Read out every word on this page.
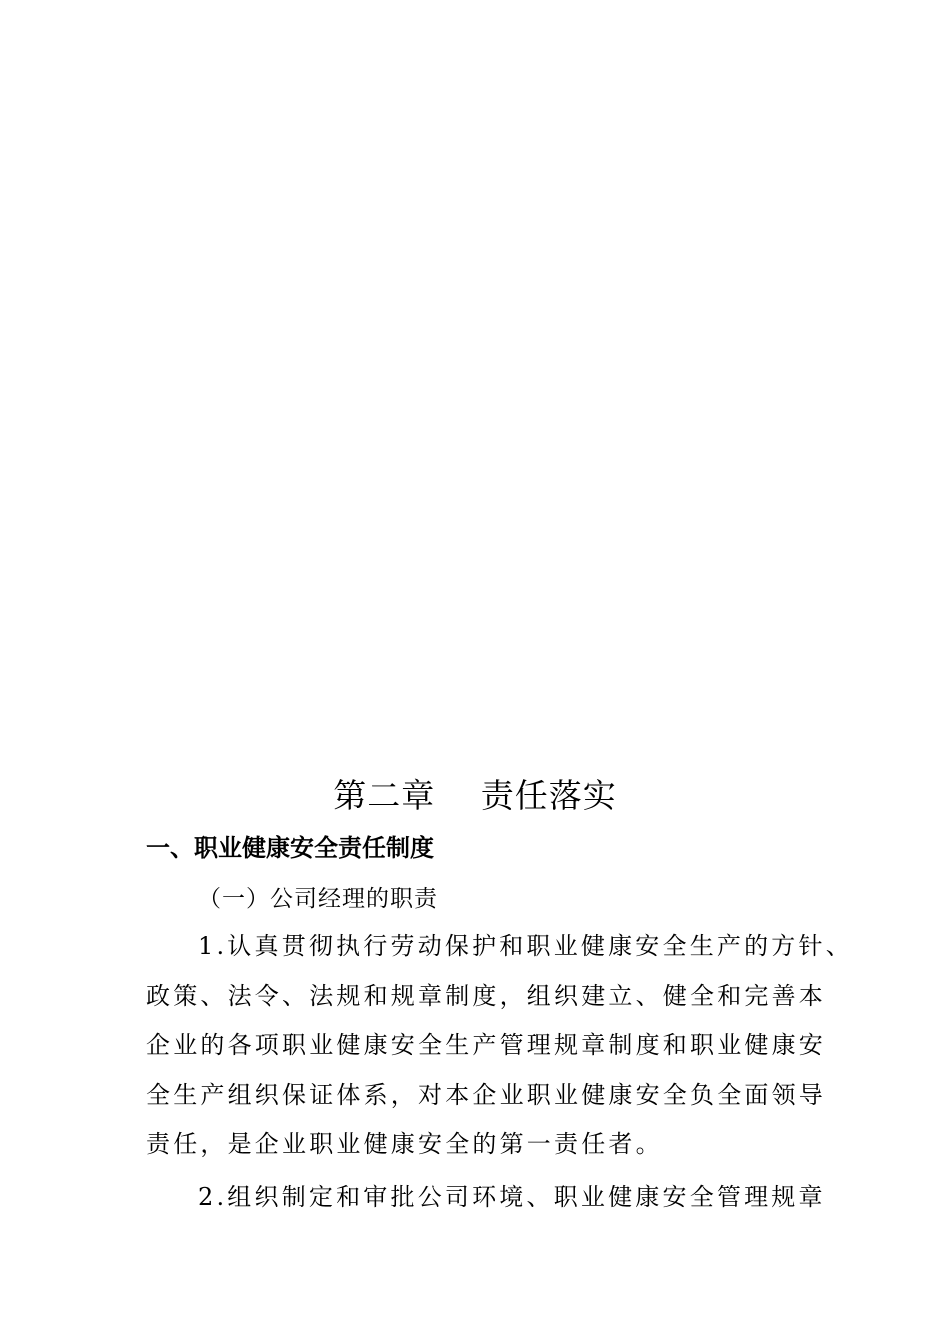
第二章　 责任落实
一、职业健康安全责任制度
（一）公司经理的职责
1.认真贯彻执行劳动保护和职业健康安全生产的方针、
政策、法令、法规和规章制度，组织建立、健全和完善本
企业的各项职业健康安全生产管理规章制度和职业健康安
全生产组织保证体系，对本企业职业健康安全负全面领导
责任，是企业职业健康安全的第一责任者。
2.组织制定和审批公司环境、职业健康安全管理规章
